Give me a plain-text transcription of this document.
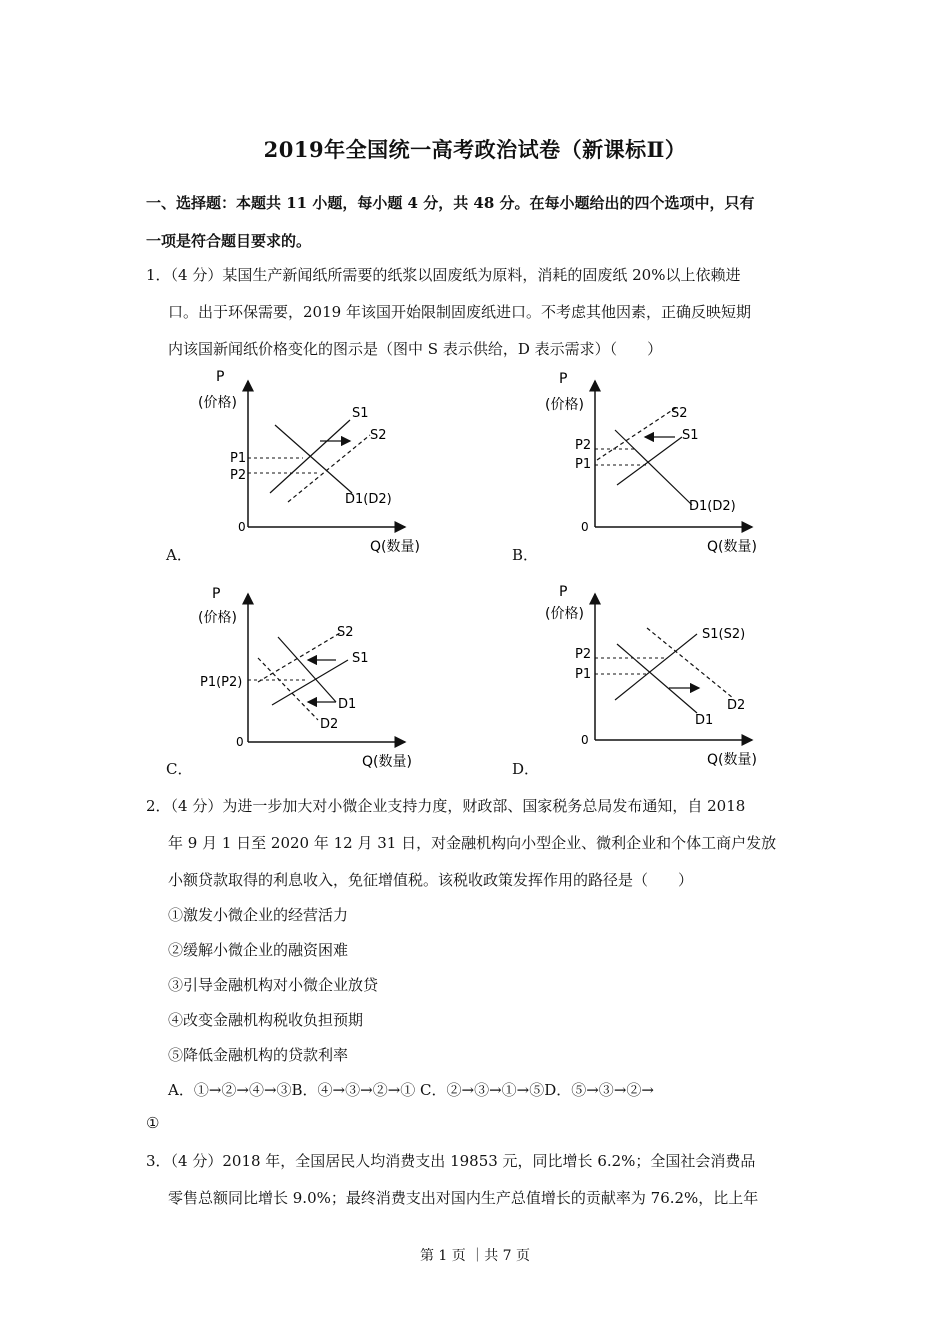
2019年全国统一高考政治试卷（新课标Ⅱ）
一、选择题：本题共 11 小题，每小题 4 分，共 48 分。在每小题给出的四个选项中，只有
一项是符合题目要求的。
1．（4 分）某国生产新闻纸所需要的纸浆以固废纸为原料，消耗的固废纸 20%以上依赖进
口。出于环保需要，2019 年该国开始限制固废纸进口。不考虑其他因素，正确反映短期
内该国新闻纸价格变化的图示是（图中 S 表示供给，D 表示需求）（　　）
P
(价格)
0
Q(数量)
S1
S2
D1(D2)
P1
P2
A．
P
(价格)
0
Q(数量)
S2
S1
D1(D2)
P2
P1
B．
P
(价格)
0
Q(数量)
S2
S1
D1
D2
P1(P2)
C．
P
(价格)
0
Q(数量)
S1(S2)
D1
D2
P2
P1
D．
2．（4 分）为进一步加大对小微企业支持力度，财政部、国家税务总局发布通知，自 2018
年 9 月 1 日至 2020 年 12 月 31 日，对金融机构向小型企业、微利企业和个体工商户发放
小额贷款取得的利息收入，免征增值税。该税收政策发挥作用的路径是（　　）
①激发小微企业的经营活力
②缓解小微企业的融资困难
③引导金融机构对小微企业放贷
④改变金融机构税收负担预期
⑤降低金融机构的贷款利率
A．①→②→④→③B．④→③→②→① C．②→③→①→⑤D．⑤→③→②→
①
3．（4 分）2018 年，全国居民人均消费支出 19853 元，同比增长 6.2%；全国社会消费品
零售总额同比增长 9.0%；最终消费支出对国内生产总值增长的贡献率为 76.2%，比上年
第 1 页 ｜共 7 页
